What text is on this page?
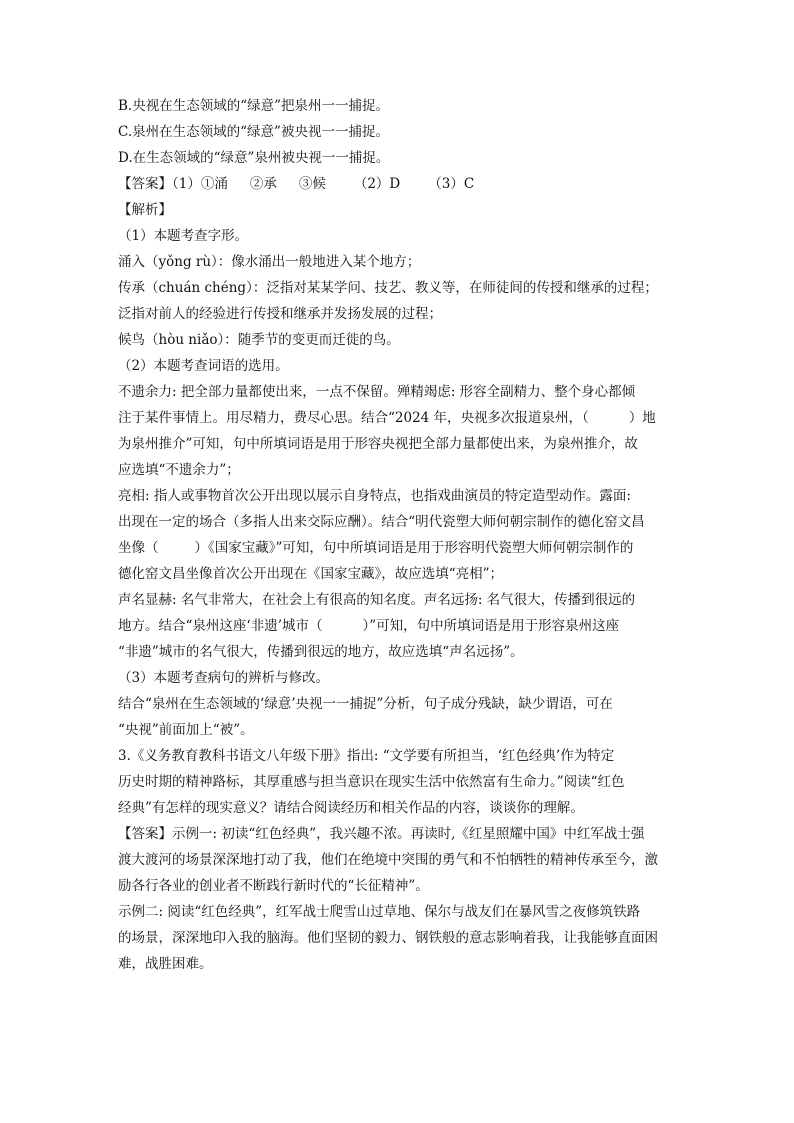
B.央视在生态领域的“绿意”把泉州一一捕捉。
C.泉州在生态领域的“绿意”被央视一一捕捉。
D.在生态领域的“绿意”泉州被央视一一捕捉。
【答案】（1）①涌 ②承 ③候 （2）D （3）C
【解析】
（1）本题考查字形。
涌入（yǒng rù）：像水涌出一般地进入某个地方；
传承（chuán chéng）：泛指对某某学问、技艺、教义等，在师徒间的传授和继承的过程；
泛指对前人的经验进行传授和继承并发扬发展的过程；
候鸟（hòu niǎo）：随季节的变更而迁徙的鸟。
（2）本题考查词语的选用。
不遗余力: 把全部力量都使出来，一点不保留。殚精竭虑: 形容全副精力、整个身心都倾
注于某件事情上。用尽精力，费尽心思。结合“2024 年，央视多次报道泉州，（	）地
为泉州推介”可知，句中所填词语是用于形容央视把全部力量都使出来，为泉州推介，故
应选填“不遗余力”；
亮相: 指人或事物首次公开出现以展示自身特点，也指戏曲演员的特定造型动作。露面:
出现在一定的场合（多指人出来交际应酬）。结合“明代瓷塑大师何朝宗制作的德化窑文昌
坐像（	）《国家宝藏》”可知，句中所填词语是用于形容明代瓷塑大师何朝宗制作的
德化窑文昌坐像首次公开出现在《国家宝藏》，故应选填“亮相”；
声名显赫: 名气非常大，在社会上有很高的知名度。声名远扬: 名气很大，传播到很远的
地方。结合“泉州这座‘非遗’城市（	）”可知，句中所填词语是用于形容泉州这座
“非遗”城市的名气很大，传播到很远的地方，故应选填“声名远扬”。
（3）本题考查病句的辨析与修改。
结合“泉州在生态领域的‘绿意’央视一一捕捉”分析，句子成分残缺，缺少谓语，可在
“央视”前面加上“被”。
3.《义务教育教科书语文八年级下册》指出: “文学要有所担当，‘红色经典’作为特定
历史时期的精神路标，其厚重感与担当意识在现实生活中依然富有生命力。”阅读“红色
经典”有怎样的现实意义？请结合阅读经历和相关作品的内容，谈谈你的理解。
【答案】示例一: 初读“红色经典”，我兴趣不浓。再读时,《红星照耀中国》中红军战士强
渡大渡河的场景深深地打动了我，他们在绝境中突围的勇气和不怕牺牲的精神传承至今，激
励各行各业的创业者不断践行新时代的“长征精神”。
示例二: 阅读“红色经典”，红军战士爬雪山过草地、保尔与战友们在暴风雪之夜修筑铁路
的场景，深深地印入我的脑海。他们坚韧的毅力、钢铁般的意志影响着我，让我能够直面困
难，战胜困难。
